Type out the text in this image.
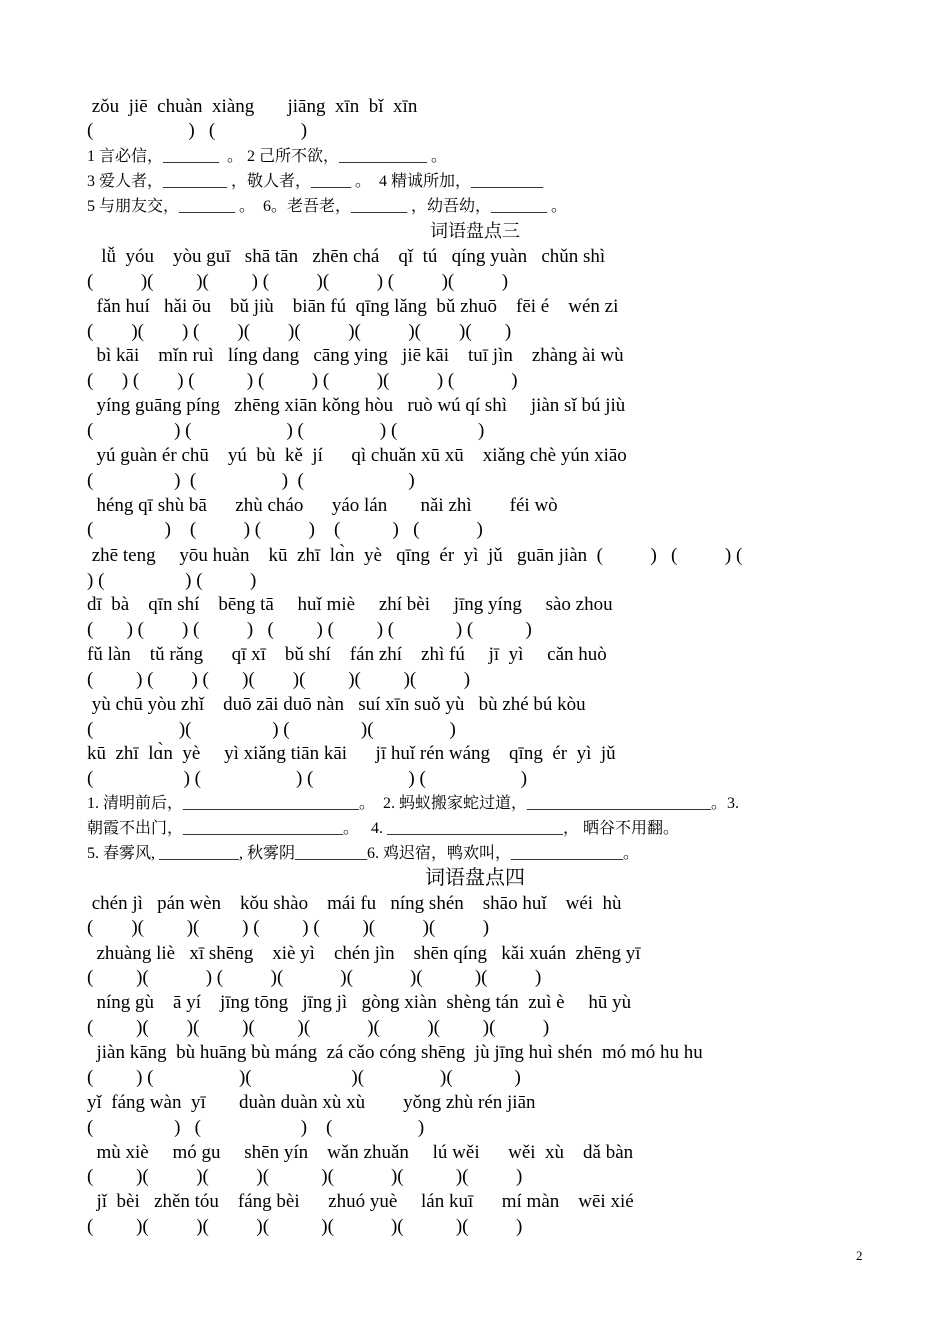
zǒu  jiē  chuàn  xiàng       jiāng  xīn  bǐ  xīn
(                    )   (                  )
1 言必信，_______  。 2 己所不欲，___________ 。
3 爱人者，________ ，敬人者，_____ 。  4 精诚所加，_________
5 与朋友交，_______ 。  6。老吾老，_______ ，幼吾幼，_______ 。
lǚ  yóu    yòu guī   shā tān   zhēn chá    qǐ  tú   qíng yuàn   chǔn shì
(          )(         )(         ) (          )(          ) (          )(          )
fǎn huí   hǎi ōu    bǔ jiù    biān fú  qīng lǎng  bǔ zhuō    fēi é    wén zi
(        )(        ) (        )(        )(          )(          )(        )(       )
bì kāi    mǐn ruì   líng dang   cāng ying   jiē kāi    tuī jìn    zhàng ài wù
(      ) (        ) (           ) (          ) (          )(          ) (            )
yíng guāng píng   zhēng xiān kǒng hòu   ruò wú qí shì     jiàn sǐ bú jiù
(                 ) (                    ) (                ) (                 )
yú guàn ér chū    yú  bù  kě  jí      qì chuǎn xū xū    xiǎng chè yún xiāo
(                 )  (                  )  (                      )
héng qī shù bā      zhù cháo      yáo lán       nǎi zhì        féi wò
(               )    (          ) (          )    (           )   (            )
zhē teng     yōu huàn    kū  zhī  lɑ̀n  yè   qīng  ér  yì  jǔ   guān jiàn  (          )   (          ) (
) (                 ) (          )
dī  bà    qīn shí    bēng tā     huǐ miè     zhí bèi     jīng yíng     sào zhou
(       ) (        ) (          )   (         ) (         ) (             ) (           )
fǔ làn    tǔ rǎng      qī xī    bǔ shí    fán zhí    zhì fú     jī  yì     cǎn huò
(         ) (        ) (       )(        )(         )(         )(          )
yù chū yòu zhǐ    duō zāi duō nàn   suí xīn suǒ yù   bù zhé bú kòu
(                  )(                 ) (               )(                )
kū  zhī  lɑ̀n  yè     yì xiǎng tiān kāi      jī huǐ rén wáng    qīng  ér  yì  jǔ
(                   ) (                    ) (                    ) (                    )
1. 清明前后，______________________。  2. 蚂蚁搬家蛇过道，_______________________。3.
朝霞不出门，____________________。   4. ______________________， 晒谷不用翻。
5. 春雾风, __________, 秋雾阴_________6. 鸡迟宿，鸭欢叫，______________。
chén jì   pán wèn    kǒu shào    mái fu   níng shén    shāo huǐ    wéi  hù
(        )(         )(         ) (         ) (         )(          )(          )
zhuàng liè   xī shēng    xiè yì    chén jìn    shēn qíng   kǎi xuán  zhēng yī
(         )(            ) (          )(            )(            )(           )(          )
níng gù    ā yí    jīng tōng   jīng jì   gòng xiàn  shèng tán  zuì è     hū yù
(         )(        )(         )(         )(            )(          )(         )(          )
jiàn kāng  bù huāng bù máng  zá cǎo cóng shēng  jù jīng huì shén  mó mó hu hu
(         ) (                  )(                     )(                )(             )
yǐ  fáng wàn  yī       duàn duàn xù xù        yǒng zhù rén jiān
(                 )   (                     )    (                  )
mù xiè     mó gu     shēn yín    wǎn zhuǎn     lú wěi      wěi  xù    dǎ bàn
(         )(          )(          )(           )(            )(           )(          )
jǐ  bèi   zhěn tóu    fáng bèi      zhuó yuè     lán kuī      mí màn    wēi xié
(         )(          )(          )(           )(            )(           )(          )
词语盘点三
词语盘点四
2
